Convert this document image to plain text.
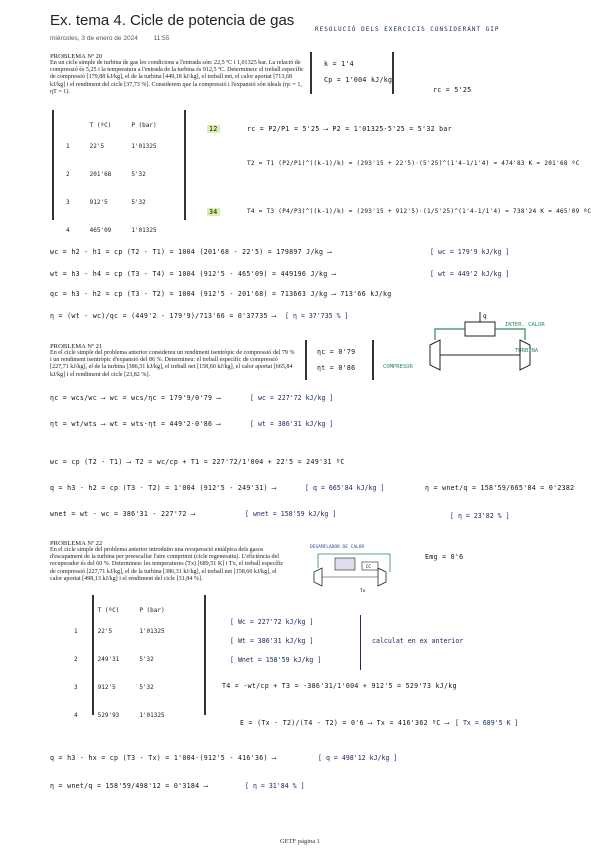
Ex. tema 4. Cicle de potencia de gas
miércoles, 3 de enero de 2024 11:55
RESOLUCIÓ DELS EXERCICIS CONSIDERANT GIP
k = 1'4
Cp = 1'004 kJ/kg
rc = 5'25
PROBLEMA Nº 20
En un cicle simple de turbina de gas les condicions a l'entrada són: 22,5 ºC i 1,01325 bar. La relació de compressió és 5,25 i la temperatura a l'entrada de la turbina és 912,5 ºC. Determineu: el treball específic de compressió [179,88 kJ/kg], el de la turbina [449,18 kJ/kg], el treball net, el calor aportat [713,68 kJ/kg] i el rendiment del cicle [37,73 %]. Considerem que la compressió i l'expansió són ideals (ηc = 1, ηT = 1).
	T (ºC)	P (bar)
1	22'5	1'01325
2	201'68	5'32
3	912'5	5'32
4	465'09	1'01325
12	rc = P2/P1 = 5'25 ⟶ P2 = 1'01325·5'25 = 5'32 bar
T2 = T1 (P2/P1)^((k-1)/k) = (293'15 + 22'5)·(5'25)^(1'4-1/1'4) = 474'83 K = 201'68 ºC
34	T4 = T3 (P4/P3)^((k-1)/k) = (293'15 + 912'5)·(1/5'25)^(1'4-1/1'4) = 738'24 K = 465'09 ºC
wc = h2 - h1 = cp (T2 - T1) = 1004 (201'68 - 22'5) = 179897 J/kg ⟶	[ wc = 179'9 kJ/kg ]
wt = h3 - h4 = cp (T3 - T4) = 1004 (912'5 - 465'09) = 449196 J/kg ⟶	[ wt = 449'2 kJ/kg ]
qc = h3 - h2 = cp (T3 - T2) = 1004 (912'5 - 201'68) = 713663 J/kg ⟶ 713'66 kJ/kg
η = (wt - wc)/qc = (449'2 - 179'9)/713'66 = 0'37735 ⟶ [ η = 37'735 % ]
PROBLEMA Nº 21
En el cicle simple del problema anterior considereu un rendiment isentròpic de compressió del 79 % i un rendiment isentròpic d'expansió del 86 %. Determineu: el treball específic de compressió [227,71 kJ/kg], el de la turbina [386,31 kJ/kg], el treball net [158,60 kJ/kg], el calor aportat [665,84 kJ/kg] i el rendiment del cicle [23,82 %].
ηc = 0'79
ηt = 0'86
q
INTER. CALOR
TURBINA
COMPRESOR
ηc = wcs/wc ⟶ wc = wcs/ηc = 179'9/0'79 ⟶	[ wc = 227'72 kJ/kg ]
ηt = wt/wts ⟶ wt = wts·ηt = 449'2·0'86 ⟶	[ wt = 386'31 kJ/kg ]
wc = cp (T2 - T1) ⟶ T2 = wc/cp + T1 = 227'72/1'004 + 22'5 = 249'31 ºC
q = h3 - h2 = cp (T3 - T2) = 1'004 (912'5 - 249'31) ⟶	[ q = 665'84 kJ/kg ]	η = wnet/q = 158'59/665'84 = 0'2382
wnet = wt - wc = 386'31 - 227'72 ⟶	[ wnet = 158'59 kJ/kg ]	[ η = 23'82 % ]
PROBLEMA Nº 22
En el cicle simple del problema anterior introduïm una recuperació entàlpica dels gasos d'escapament de la turbina per preescalfar l'aire comprimit (cicle regeneratiu). L'eficiència del recuperador és del 60 %. Determineu: les temperatures (Tx) [689,51 K] i Tx, el treball específic de compressió [227,71 kJ/kg], el de la turbina [386,31 kJ/kg], el treball net [158,60 kJ/kg], el calor aportat [498,13 kJ/kg] i el rendiment del cicle [31,84 %].
DESAMFLADOR DE CALOR
CC
Tx
Emg = 0'6
	T (ºC)	P (bar)
1	22'5	1'01325
2	249'31	5'32
3	912'5	5'32
4	529'93	1'01325
[ Wc = 227'72 kJ/kg ]
[ Wt = 386'31 kJ/kg ]
[ Wnet = 158'59 kJ/kg ]
calculat en ex anterior
T4 = -wt/cp + T3 = -386'31/1'004 + 912'5 = 529'73 kJ/kg
E = (Tx - T2)/(T4 - T2) = 0'6 ⟶ Tx = 416'362 ºC ⟶ [ Tx = 689'5 K ]
q = h3 - hx = cp (T3 - Tx) = 1'004·(912'5 - 416'36) ⟶	[ q = 498'12 kJ/kg ]
η = wnet/q = 158'59/498'12 = 0'3184 ⟶	[ η = 31'84 % ]
GETF página 1
